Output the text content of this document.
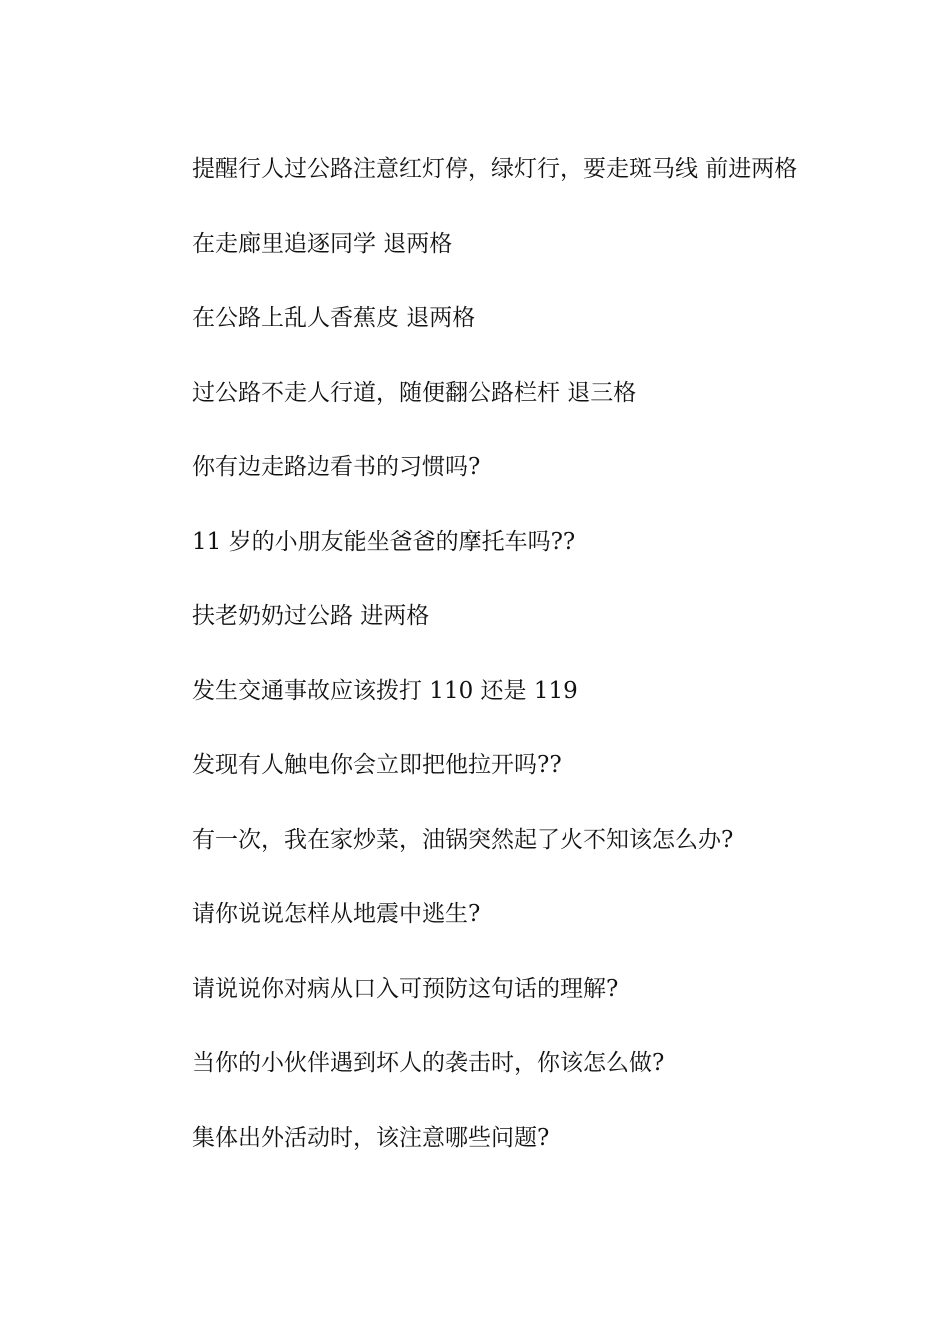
提醒行人过公路注意红灯停，绿灯行，要走斑马线 前进两格

在走廊里追逐同学 退两格

在公路上乱人香蕉皮 退两格

过公路不走人行道，随便翻公路栏杆 退三格

你有边走路边看书的习惯吗?

11 岁的小朋友能坐爸爸的摩托车吗??

扶老奶奶过公路 进两格

发生交通事故应该拨打 110 还是 119

发现有人触电你会立即把他拉开吗??

有一次，我在家炒菜，油锅突然起了火不知该怎么办?

请你说说怎样从地震中逃生?

请说说你对病从口入可预防这句话的理解?

当你的小伙伴遇到坏人的袭击时，你该怎么做?

集体出外活动时，该注意哪些问题?
